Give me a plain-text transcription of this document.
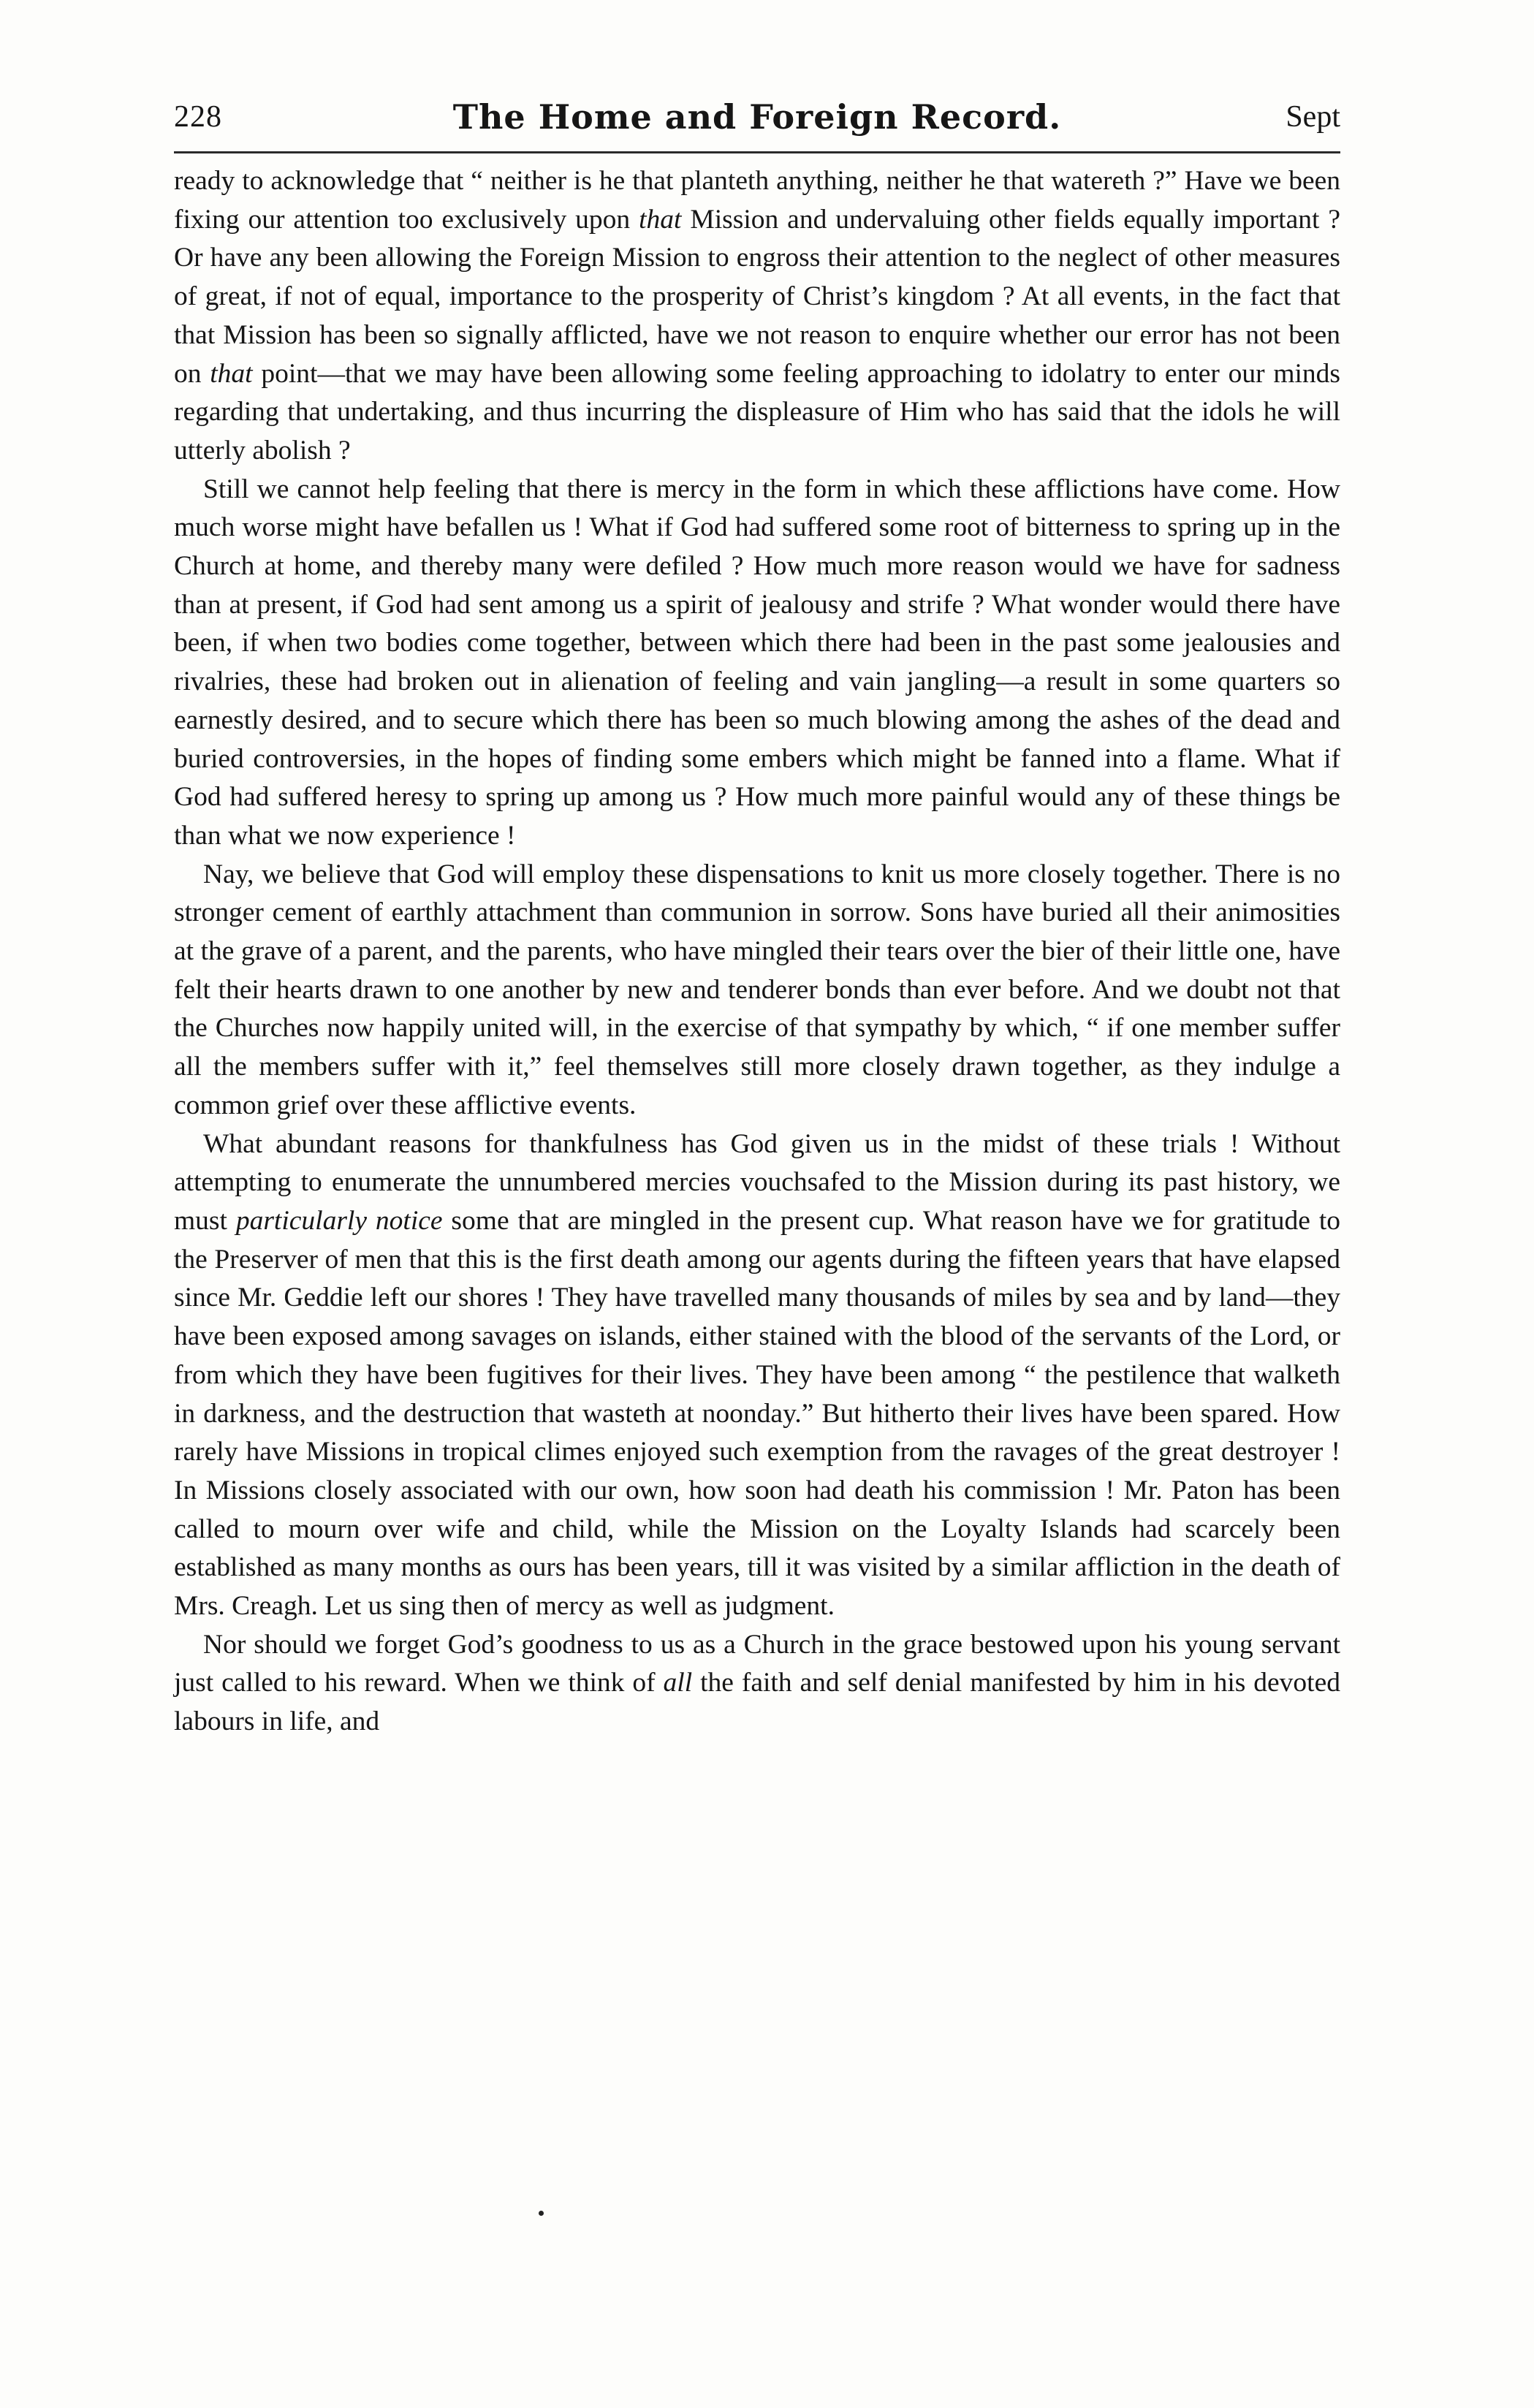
228	The Home and Foreign Record.	Sept

ready to acknowledge that “ neither is he that planteth anything, neither he that watereth ?” Have we been fixing our attention too exclusively upon that Mission and undervaluing other fields equally important ? Or have any been allowing the Foreign Mission to engross their attention to the neglect of other measures of great, if not of equal, importance to the prosperity of Christ’s kingdom ? At all events, in the fact that that Mission has been so signally afflicted, have we not reason to enquire whether our error has not been on that point—that we may have been allowing some feeling approaching to idolatry to enter our minds regarding that undertaking, and thus incurring the displeasure of Him who has said that the idols he will utterly abolish ?

Still we cannot help feeling that there is mercy in the form in which these afflictions have come. How much worse might have befallen us ! What if God had suffered some root of bitterness to spring up in the Church at home, and thereby many were defiled ? How much more reason would we have for sadness than at present, if God had sent among us a spirit of jealousy and strife ? What wonder would there have been, if when two bodies come together, between which there had been in the past some jealousies and rivalries, these had broken out in alienation of feeling and vain jangling—a result in some quarters so earnestly desired, and to secure which there has been so much blowing among the ashes of the dead and buried controversies, in the hopes of finding some embers which might be fanned into a flame. What if God had suffered heresy to spring up among us ? How much more painful would any of these things be than what we now experience !

Nay, we believe that God will employ these dispensations to knit us more closely together. There is no stronger cement of earthly attachment than communion in sorrow. Sons have buried all their animosities at the grave of a parent, and the parents, who have mingled their tears over the bier of their little one, have felt their hearts drawn to one another by new and tenderer bonds than ever before. And we doubt not that the Churches now happily united will, in the exercise of that sympathy by which, “ if one member suffer all the members suffer with it,” feel themselves still more closely drawn together, as they indulge a common grief over these afflictive events.

What abundant reasons for thankfulness has God given us in the midst of these trials ! Without attempting to enumerate the unnumbered mercies vouchsafed to the Mission during its past history, we must particularly notice some that are mingled in the present cup. What reason have we for gratitude to the Preserver of men that this is the first death among our agents during the fifteen years that have elapsed since Mr. Geddie left our shores ! They have travelled many thousands of miles by sea and by land—they have been exposed among savages on islands, either stained with the blood of the servants of the Lord, or from which they have been fugitives for their lives. They have been among “ the pestilence that walketh in darkness, and the destruction that wasteth at noonday.” But hitherto their lives have been spared. How rarely have Missions in tropical climes enjoyed such exemption from the ravages of the great destroyer ! In Missions closely associated with our own, how soon had death his commission ! Mr. Paton has been called to mourn over wife and child, while the Mission on the Loyalty Islands had scarcely been established as many months as ours has been years, till it was visited by a similar affliction in the death of Mrs. Creagh. Let us sing then of mercy as well as judgment.

Nor should we forget God’s goodness to us as a Church in the grace bestowed upon his young servant just called to his reward. When we think of all the faith and self denial manifested by him in his devoted labours in life, and
